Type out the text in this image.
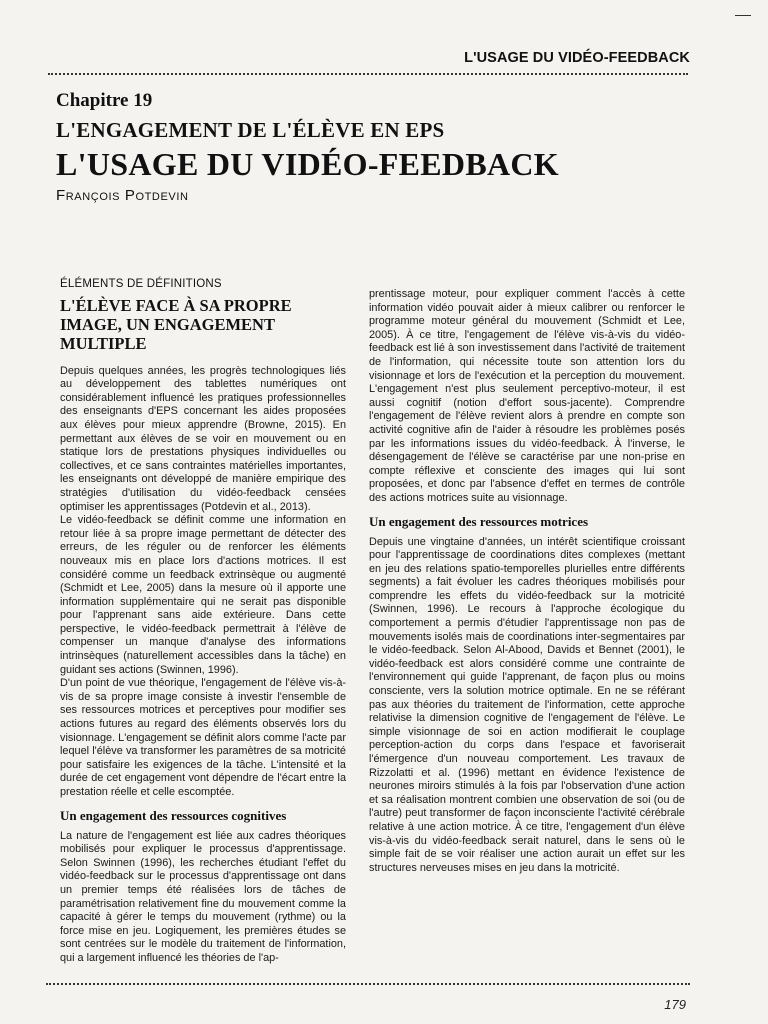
L'USAGE DU VIDÉO-FEEDBACK
Chapitre 19
L'ENGAGEMENT DE L'ÉLÈVE EN EPS
L'USAGE DU VIDÉO-FEEDBACK
François Potdevin
ÉLÉMENTS DE DÉFINITIONS
L'ÉLÈVE FACE À SA PROPRE IMAGE, UN ENGAGEMENT MULTIPLE

Depuis quelques années, les progrès technologiques liés au développement des tablettes numériques ont considérablement influencé les pratiques professionnelles des enseignants d'EPS concernant les aides proposées aux élèves pour mieux apprendre (Browne, 2015). En permettant aux élèves de se voir en mouvement ou en statique lors de prestations physiques individuelles ou collectives, et ce sans contraintes matérielles importantes, les enseignants ont développé de manière empirique des stratégies d'utilisation du vidéo-feedback censées optimiser les apprentissages (Potdevin et al., 2013).

Le vidéo-feedback se définit comme une information en retour liée à sa propre image permettant de détecter des erreurs, de les réguler ou de renforcer les éléments nouveaux mis en place lors d'actions motrices. Il est considéré comme un feedback extrinsèque ou augmenté (Schmidt et Lee, 2005) dans la mesure où il apporte une information supplémentaire qui ne serait pas disponible pour l'apprenant sans aide extérieure. Dans cette perspective, le vidéo-feedback permettrait à l'élève de compenser un manque d'analyse des informations intrinsèques (naturellement accessibles dans la tâche) en guidant ses actions (Swinnen, 1996).

D'un point de vue théorique, l'engagement de l'élève vis-à-vis de sa propre image consiste à investir l'ensemble de ses ressources motrices et perceptives pour modifier ses actions futures au regard des éléments observés lors du visionnage. L'engagement se définit alors comme l'acte par lequel l'élève va transformer les paramètres de sa motricité pour satisfaire les exigences de la tâche. L'intensité et la durée de cet engagement vont dépendre de l'écart entre la prestation réelle et celle escomptée.

Un engagement des ressources cognitives

La nature de l'engagement est liée aux cadres théoriques mobilisés pour expliquer le processus d'apprentissage. Selon Swinnen (1996), les recherches étudiant l'effet du vidéo-feedback sur le processus d'apprentissage ont dans un premier temps été réalisées lors de tâches de paramétrisation relativement fine du mouvement comme la capacité à gérer le temps du mouvement (rythme) ou la force mise en jeu. Logiquement, les premières études se sont centrées sur le modèle du traitement de l'information, qui a largement influencé les théories de l'ap-

prentissage moteur, pour expliquer comment l'accès à cette information vidéo pouvait aider à mieux calibrer ou renforcer le programme moteur général du mouvement (Schmidt et Lee, 2005). À ce titre, l'engagement de l'élève vis-à-vis du vidéo-feedback est lié à son investissement dans l'activité de traitement de l'information, qui nécessite toute son attention lors du visionnage et lors de l'exécution et la perception du mouvement. L'engagement n'est plus seulement perceptivo-moteur, il est aussi cognitif (notion d'effort sous-jacente). Comprendre l'engagement de l'élève revient alors à prendre en compte son activité cognitive afin de l'aider à résoudre les problèmes posés par les informations issues du vidéo-feedback. À l'inverse, le désengagement de l'élève se caractérise par une non-prise en compte réflexive et consciente des images qui lui sont proposées, et donc par l'absence d'effet en termes de contrôle des actions motrices suite au visionnage.

Un engagement des ressources motrices

Depuis une vingtaine d'années, un intérêt scientifique croissant pour l'apprentissage de coordinations dites complexes (mettant en jeu des relations spatio-temporelles plurielles entre différents segments) a fait évoluer les cadres théoriques mobilisés pour comprendre les effets du vidéo-feedback sur la motricité (Swinnen, 1996). Le recours à l'approche écologique du comportement a permis d'étudier l'apprentissage non pas de mouvements isolés mais de coordinations inter-segmentaires par le vidéo-feedback. Selon Al-Abood, Davids et Bennet (2001), le vidéo-feedback est alors considéré comme une contrainte de l'environnement qui guide l'apprenant, de façon plus ou moins consciente, vers la solution motrice optimale. En ne se référant pas aux théories du traitement de l'information, cette approche relativise la dimension cognitive de l'engagement de l'élève. Le simple visionnage de soi en action modifierait le couplage perception-action du corps dans l'espace et favoriserait l'émergence d'un nouveau comportement. Les travaux de Rizzolatti et al. (1996) mettant en évidence l'existence de neurones miroirs stimulés à la fois par l'observation d'une action et sa réalisation montrent combien une observation de soi (ou de l'autre) peut transformer de façon inconsciente l'activité cérébrale relative à une action motrice. À ce titre, l'engagement d'un élève vis-à-vis du vidéo-feedback serait naturel, dans le sens où le simple fait de se voir réaliser une action aurait un effet sur les structures nerveuses mises en jeu dans la motricité.

179
